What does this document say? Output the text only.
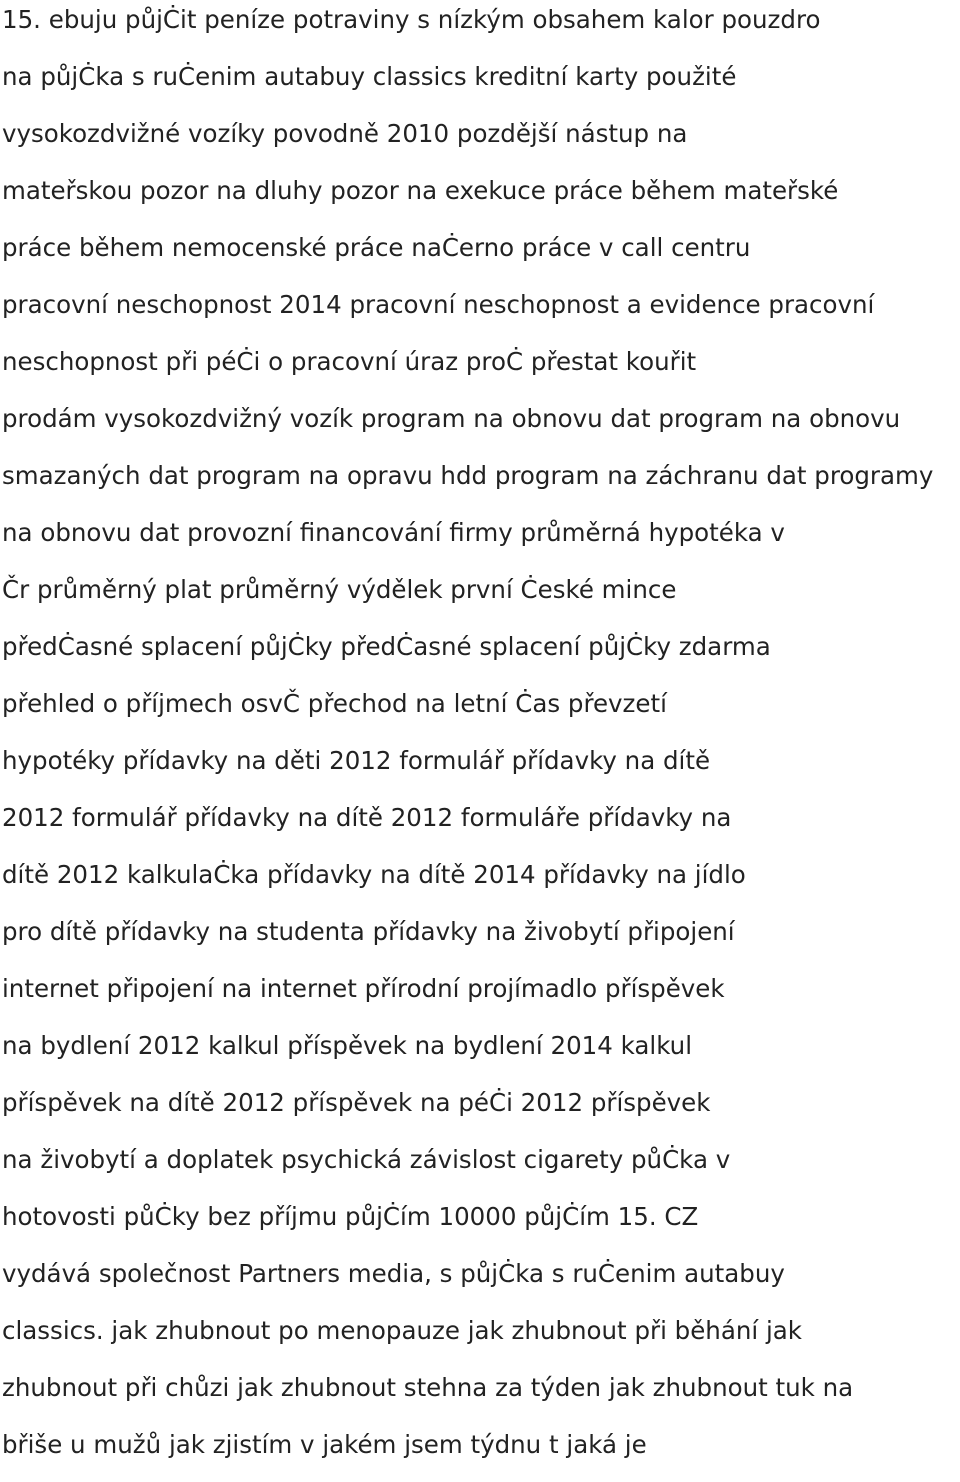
15. ebuju půjĊit peníze potraviny s nízkým obsahem kalor pouzdro
na půjĊka s ruĊenim autabuy classics kreditní karty použité
vysokozdvižné vozíky povodně 2010 pozdější nástup na
mateřskou pozor na dluhy pozor na exekuce práce během mateřské
práce během nemocenské práce naĊerno práce v call centru
pracovní neschopnost 2014 pracovní neschopnost a evidence pracovní
neschopnost při péĊi o pracovní úraz proĊ přestat kouřit
prodám vysokozdvižný vozík program na obnovu dat program na obnovu
smazaných dat program na opravu hdd program na záchranu dat programy
na obnovu dat provozní financování firmy průměrná hypotéka v
Čr průměrný plat průměrný výdělek první Ċeské mince
předĊasné splacení půjĊky předĊasné splacení půjĊky zdarma
přehled o příjmech osvČ přechod na letní Ċas převzetí
hypotéky přídavky na děti 2012 formulář přídavky na dítě
2012 formulář přídavky na dítě 2012 formuláře přídavky na
dítě 2012 kalkulaĊka přídavky na dítě 2014 přídavky na jídlo
pro dítě přídavky na studenta přídavky na živobytí připojení
internet připojení na internet přírodní projímadlo příspěvek
na bydlení 2012 kalkul příspěvek na bydlení 2014 kalkul
příspěvek na dítě 2012 příspěvek na péĊi 2012 příspěvek
na živobytí a doplatek psychická závislost cigarety půĊka v
hotovosti půĊky bez příjmu půjĊím 10000 půjĊím 15. CZ
vydává společnost Partners media, s půjĊka s ruĊenim autabuy
classics. jak zhubnout po menopauze jak zhubnout při běhání jak
zhubnout při chůzi jak zhubnout stehna za týden jak zhubnout tuk na
břiše u mužů jak zjistím v jakém jsem týdnu t jaká je
